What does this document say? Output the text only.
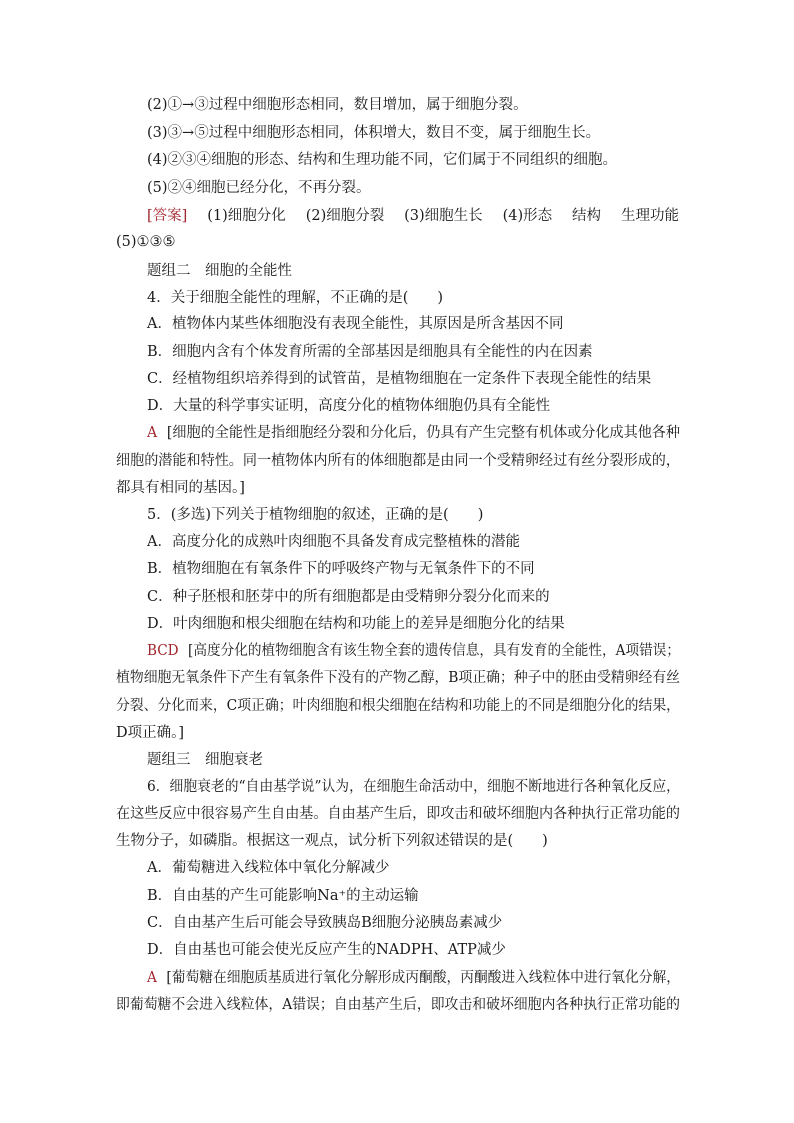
(2)①→③过程中细胞形态相同，数目增加，属于细胞分裂。
(3)③→⑤过程中细胞形态相同，体积增大，数目不变，属于细胞生长。
(4)②③④细胞的形态、结构和生理功能不同，它们属于不同组织的细胞。
(5)②④细胞已经分化，不再分裂。
[答案] (1)细胞分化 (2)细胞分裂 (3)细胞生长 (4)形态 结构 生理功能
(5)①③⑤
题组二　细胞的全能性
4．关于细胞全能性的理解，不正确的是(　　)
A．植物体内某些体细胞没有表现全能性，其原因是所含基因不同
B．细胞内含有个体发育所需的全部基因是细胞具有全能性的内在因素
C．经植物组织培养得到的试管苗，是植物细胞在一定条件下表现全能性的结果
D．大量的科学事实证明，高度分化的植物体细胞仍具有全能性
A [细胞的全能性是指细胞经分裂和分化后，仍具有产生完整有机体或分化成其他各种
细胞的潜能和特性。同一植物体内所有的体细胞都是由同一个受精卵经过有丝分裂形成的，
都具有相同的基因。]
5．(多选)下列关于植物细胞的叙述，正确的是(　　)
A．高度分化的成熟叶肉细胞不具备发育成完整植株的潜能
B．植物细胞在有氧条件下的呼吸终产物与无氧条件下的不同
C．种子胚根和胚芽中的所有细胞都是由受精卵分裂分化而来的
D．叶肉细胞和根尖细胞在结构和功能上的差异是细胞分化的结果
BCD [高度分化的植物细胞含有该生物全套的遗传信息，具有发育的全能性，A项错误；
植物细胞无氧条件下产生有氧条件下没有的产物乙醇，B项正确；种子中的胚由受精卵经有丝
分裂、分化而来，C项正确；叶肉细胞和根尖细胞在结构和功能上的不同是细胞分化的结果，
D项正确。]
题组三　细胞衰老
6．细胞衰老的“自由基学说”认为，在细胞生命活动中，细胞不断地进行各种氧化反应，
在这些反应中很容易产生自由基。自由基产生后，即攻击和破坏细胞内各种执行正常功能的
生物分子，如磷脂。根据这一观点，试分析下列叙述错误的是(　　)
A．葡萄糖进入线粒体中氧化分解减少
B．自由基的产生可能影响Na⁺的主动运输
C．自由基产生后可能会导致胰岛B细胞分泌胰岛素减少
D．自由基也可能会使光反应产生的NADPH、ATP减少
A [葡萄糖在细胞质基质进行氧化分解形成丙酮酸，丙酮酸进入线粒体中进行氧化分解，
即葡萄糖不会进入线粒体，A错误；自由基产生后，即攻击和破坏细胞内各种执行正常功能的
